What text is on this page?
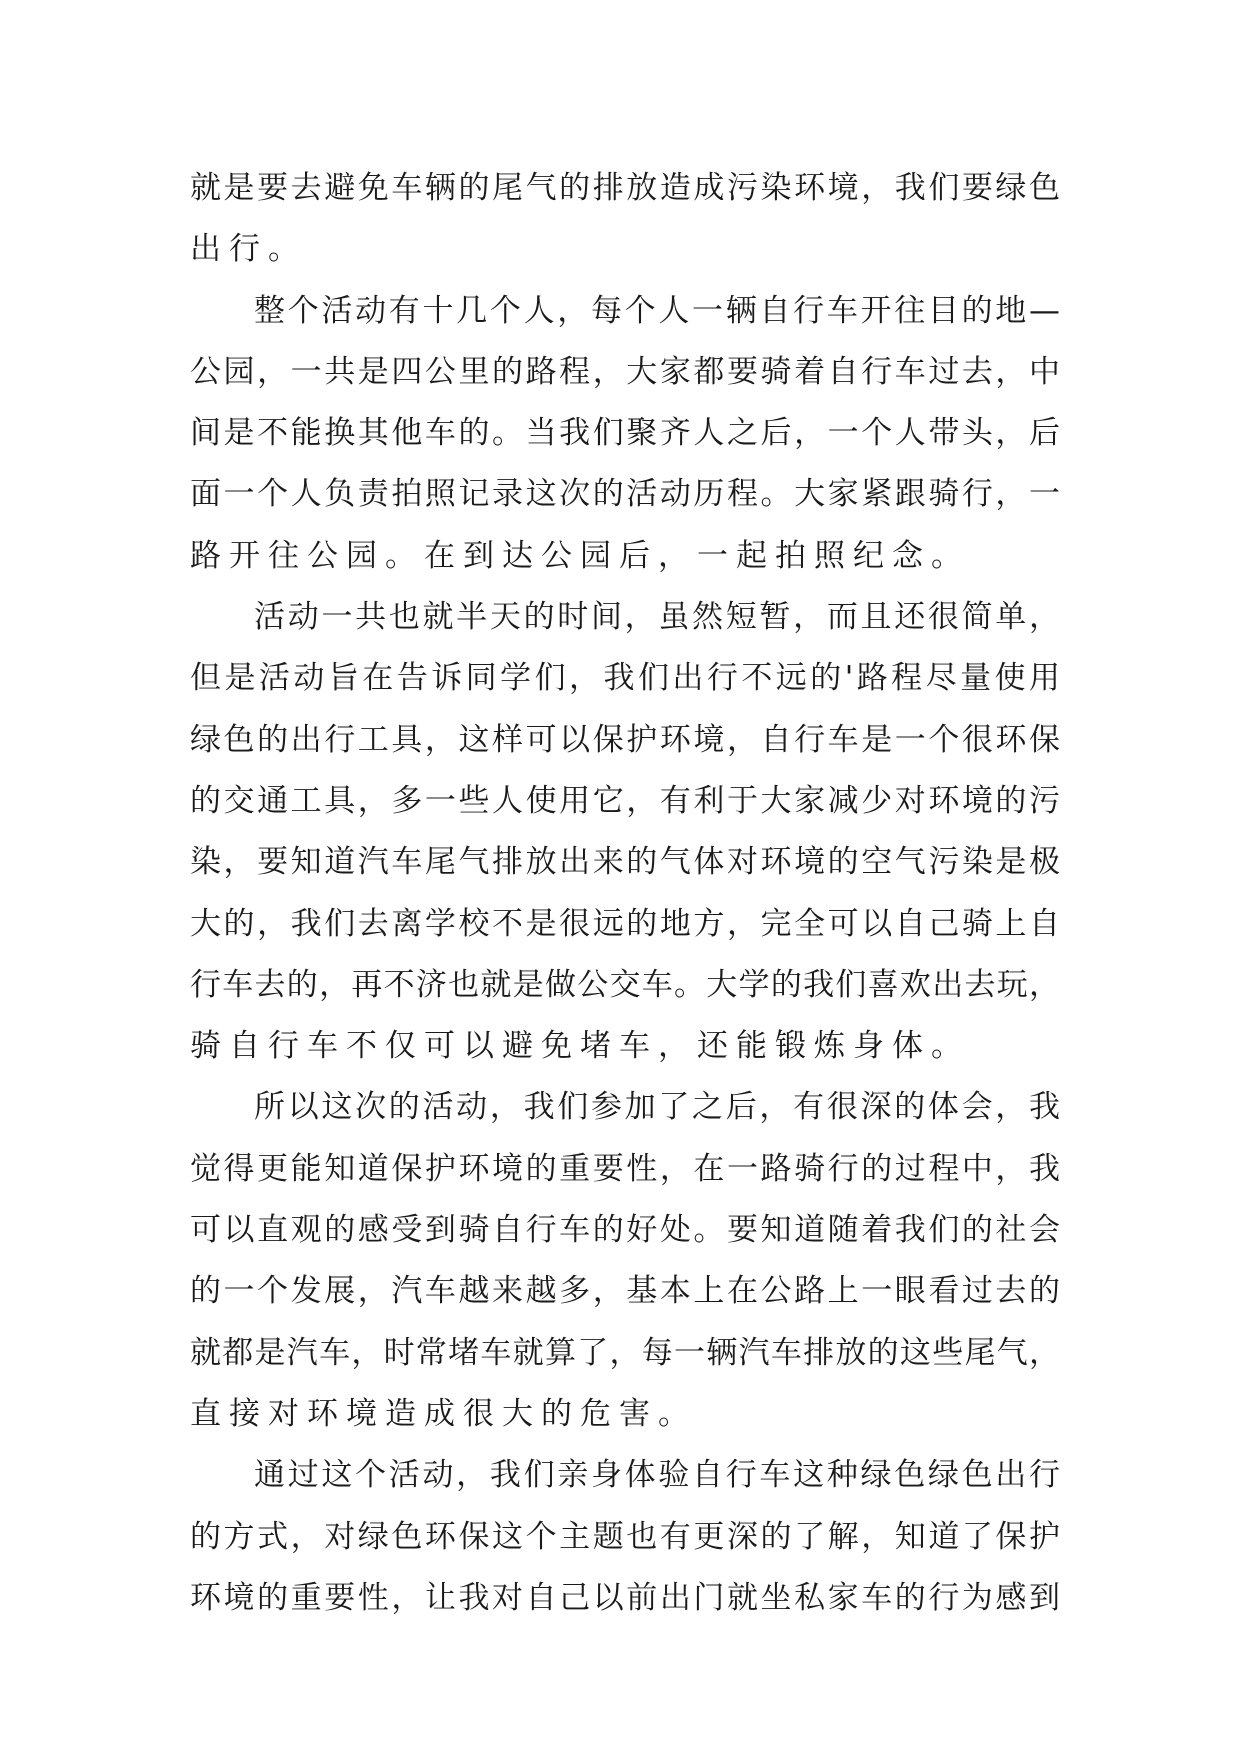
就是要去避免车辆的尾气的排放造成污染环境，我们要绿色
出行。
整个活动有十几个人，每个人一辆自行车开往目的地—
公园，一共是四公里的路程，大家都要骑着自行车过去，中
间是不能换其他车的。当我们聚齐人之后，一个人带头，后
面一个人负责拍照记录这次的活动历程。大家紧跟骑行，一
路开往公园。在到达公园后，一起拍照纪念。
活动一共也就半天的时间，虽然短暂，而且还很简单，
但是活动旨在告诉同学们，我们出行不远的'路程尽量使用
绿色的出行工具，这样可以保护环境，自行车是一个很环保
的交通工具，多一些人使用它，有利于大家减少对环境的污
染，要知道汽车尾气排放出来的气体对环境的空气污染是极
大的，我们去离学校不是很远的地方，完全可以自己骑上自
行车去的，再不济也就是做公交车。大学的我们喜欢出去玩，
骑自行车不仅可以避免堵车，还能锻炼身体。
所以这次的活动，我们参加了之后，有很深的体会，我
觉得更能知道保护环境的重要性，在一路骑行的过程中，我
可以直观的感受到骑自行车的好处。要知道随着我们的社会
的一个发展，汽车越来越多，基本上在公路上一眼看过去的
就都是汽车，时常堵车就算了，每一辆汽车排放的这些尾气，
直接对环境造成很大的危害。
通过这个活动，我们亲身体验自行车这种绿色绿色出行
的方式，对绿色环保这个主题也有更深的了解，知道了保护
环境的重要性，让我对自己以前出门就坐私家车的行为感到
